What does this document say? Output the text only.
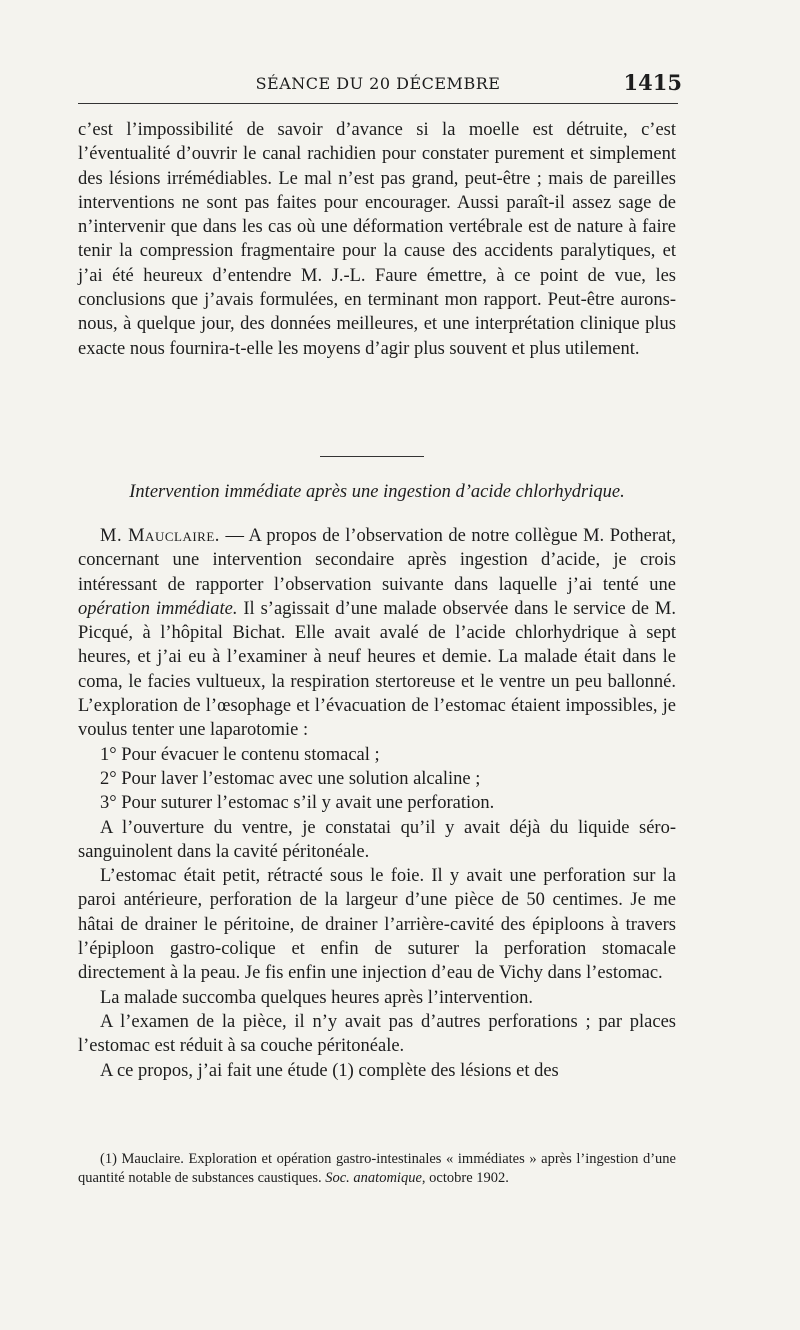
SÉANCE DU 20 DÉCEMBRE	1415

c’est l’impossibilité de savoir d’avance si la moelle est détruite, c’est l’éventualité d’ouvrir le canal rachidien pour constater purement et simplement des lésions irrémédiables. Le mal n’est pas grand, peut-être ; mais de pareilles interventions ne sont pas faites pour encourager. Aussi paraît-il assez sage de n’intervenir que dans les cas où une déformation vertébrale est de nature à faire tenir la compression fragmentaire pour la cause des accidents paralytiques, et j’ai été heureux d’entendre M. J.-L. Faure émettre, à ce point de vue, les conclusions que j’avais formulées, en terminant mon rapport. Peut-être aurons-nous, à quelque jour, des données meilleures, et une interprétation clinique plus exacte nous fournira-t-elle les moyens d’agir plus souvent et plus utilement.

Intervention immédiate après une ingestion d’acide chlorhydrique.

M. Mauclaire. — A propos de l’observation de notre collègue M. Potherat, concernant une intervention secondaire après ingestion d’acide, je crois intéressant de rapporter l’observation suivante dans laquelle j’ai tenté une opération immédiate. Il s’agissait d’une malade observée dans le service de M. Picqué, à l’hôpital Bichat. Elle avait avalé de l’acide chlorhydrique à sept heures, et j’ai eu à l’examiner à neuf heures et demie. La malade était dans le coma, le facies vultueux, la respiration stertoreuse et le ventre un peu ballonné. L’exploration de l’œsophage et l’évacuation de l’estomac étaient impossibles, je voulus tenter une laparotomie :

1° Pour évacuer le contenu stomacal ;

2° Pour laver l’estomac avec une solution alcaline ;

3° Pour suturer l’estomac s’il y avait une perforation.

A l’ouverture du ventre, je constatai qu’il y avait déjà du liquide séro-sanguinolent dans la cavité péritonéale.

L’estomac était petit, rétracté sous le foie. Il y avait une perforation sur la paroi antérieure, perforation de la largeur d’une pièce de 50 centimes. Je me hâtai de drainer le péritoine, de drainer l’arrière-cavité des épiploons à travers l’épiploon gastro-colique et enfin de suturer la perforation stomacale directement à la peau. Je fis enfin une injection d’eau de Vichy dans l’estomac.

La malade succomba quelques heures après l’intervention.

A l’examen de la pièce, il n’y avait pas d’autres perforations ; par places l’estomac est réduit à sa couche péritonéale.

A ce propos, j’ai fait une étude (1) complète des lésions et des

(1) Mauclaire. Exploration et opération gastro-intestinales « immédiates » après l’ingestion d’une quantité notable de substances caustiques. Soc. anatomique, octobre 1902.
